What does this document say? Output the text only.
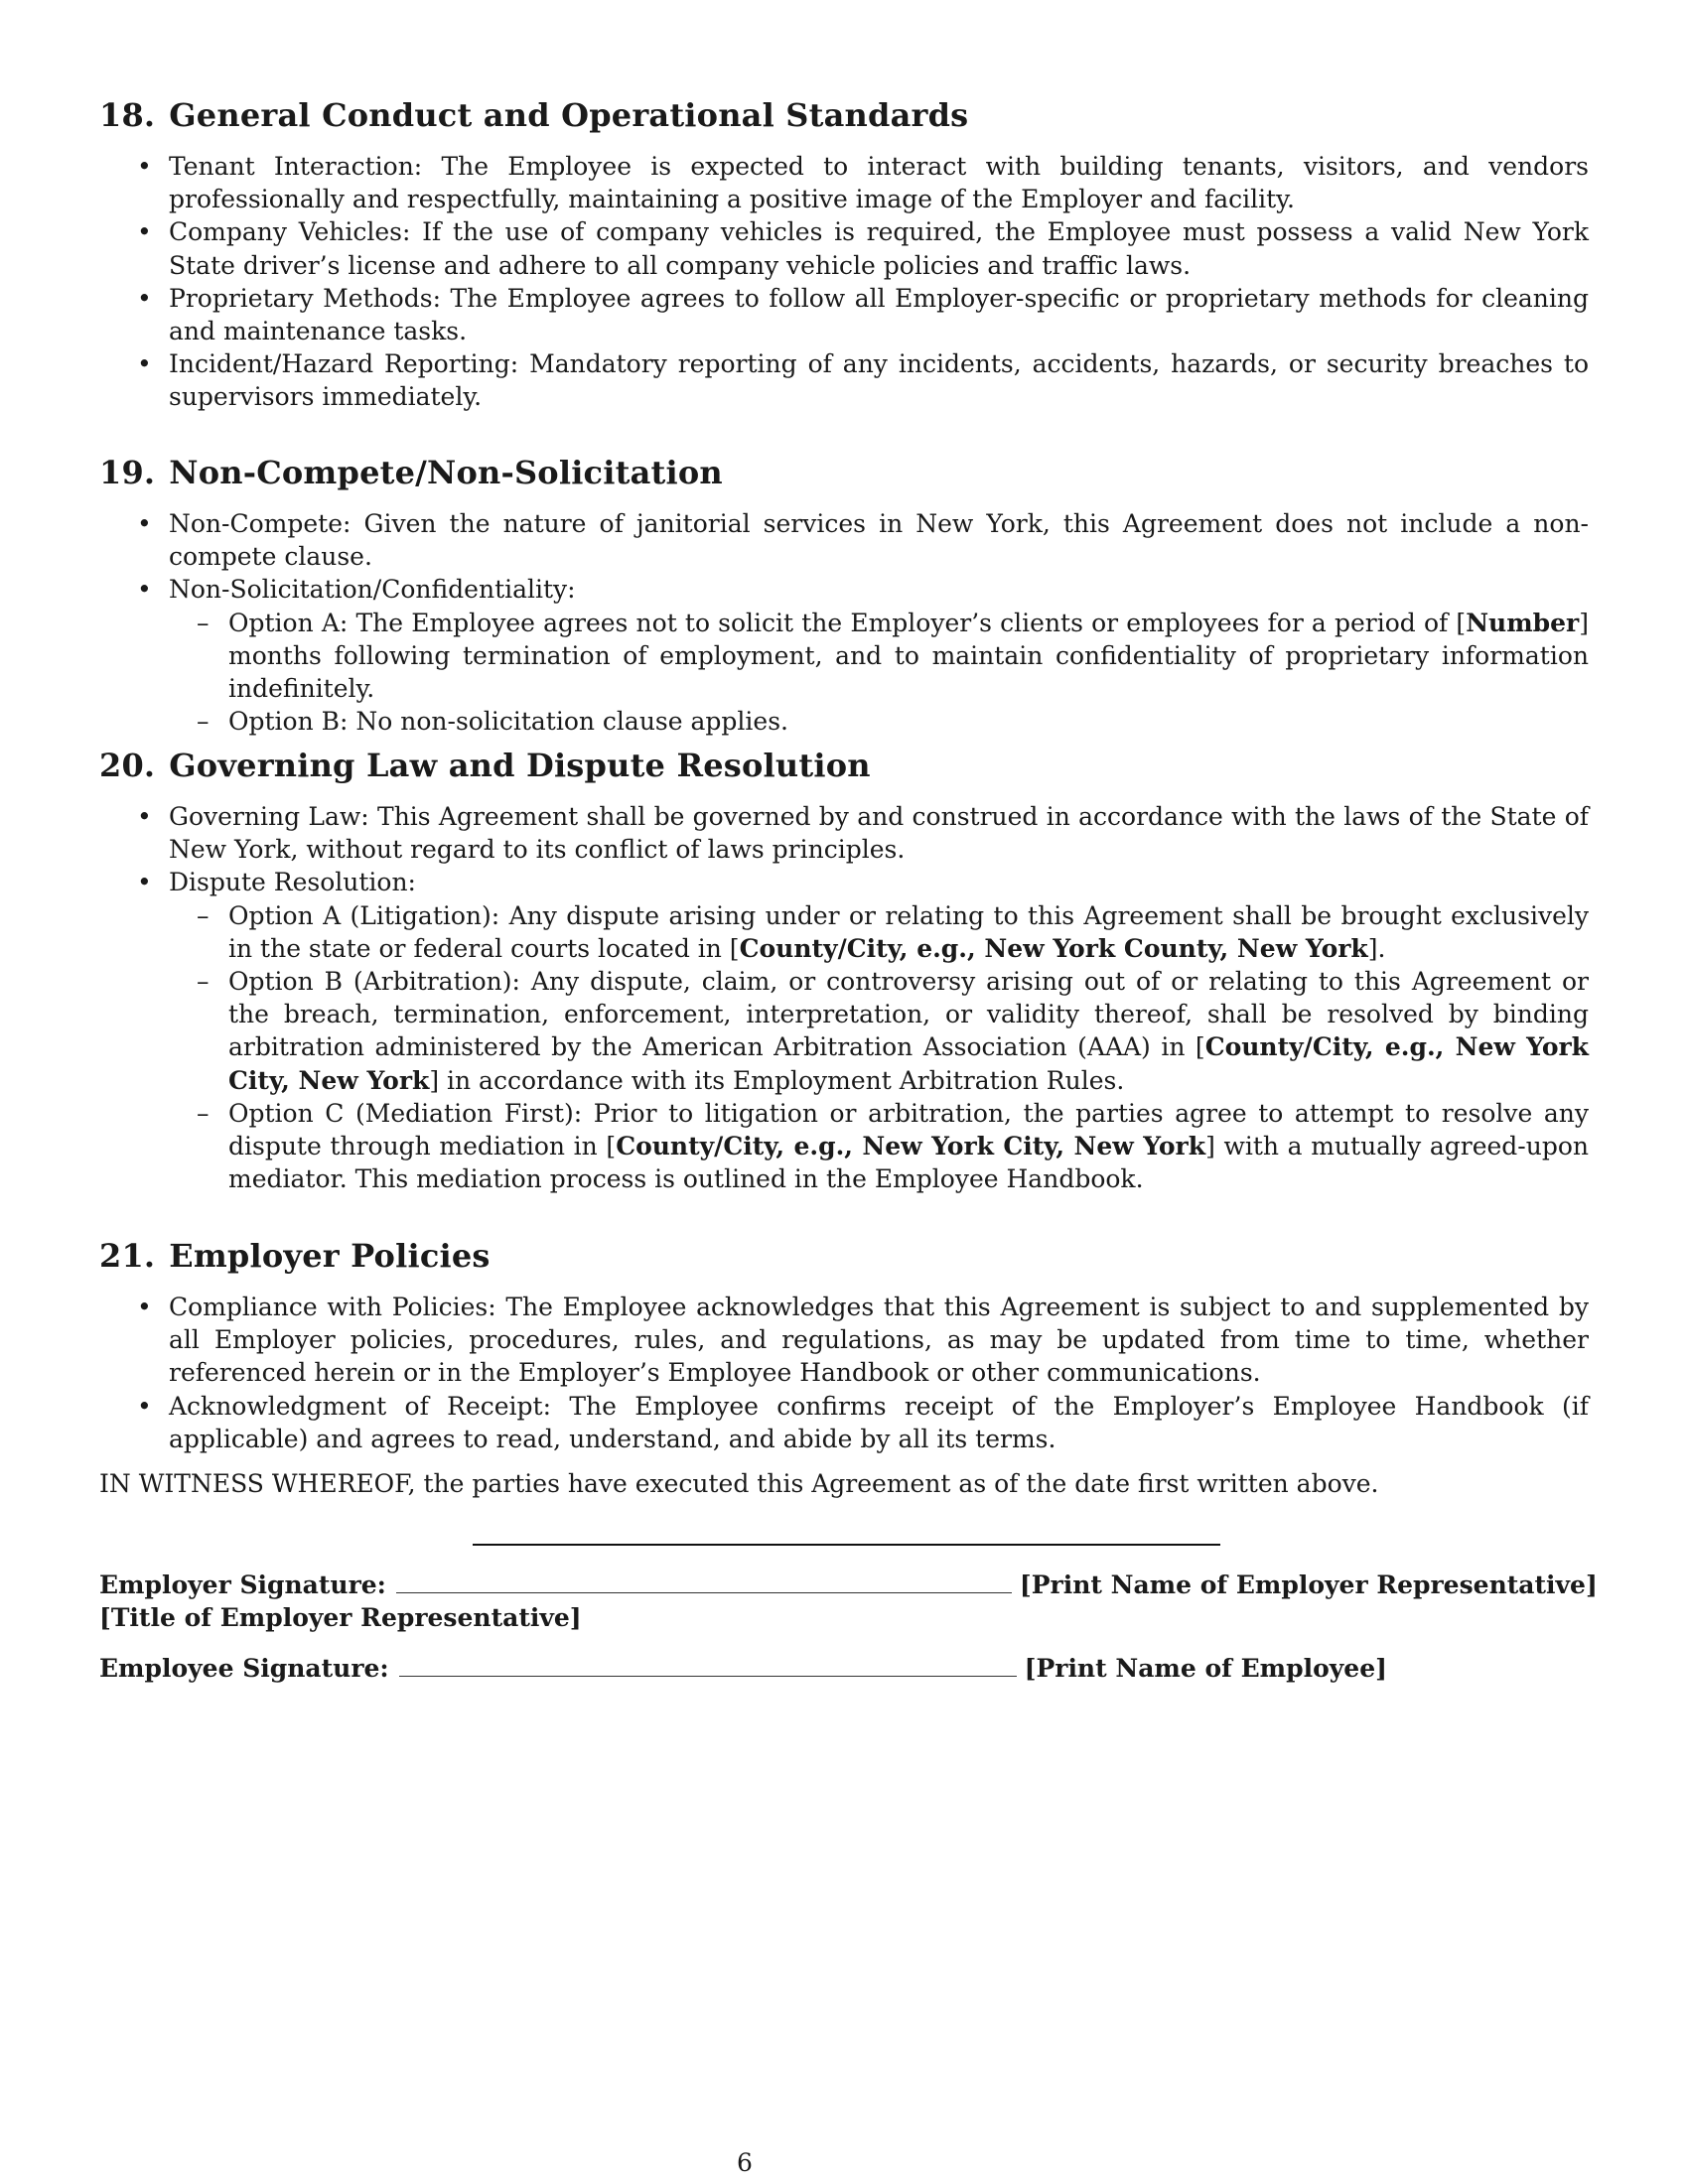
18. General Conduct and Operational Standards
• Tenant Interaction: The Employee is expected to interact with building tenants, visitors, and vendors professionally and respectfully, maintaining a positive image of the Employer and facility.
• Company Vehicles: If the use of company vehicles is required, the Employee must possess a valid New York State driver’s license and adhere to all company vehicle policies and traffic laws.
• Proprietary Methods: The Employee agrees to follow all Employer-specific or proprietary methods for cleaning and maintenance tasks.
• Incident/Hazard Reporting: Mandatory reporting of any incidents, accidents, hazards, or security breaches to supervisors immediately.
19. Non-Compete/Non-Solicitation
• Non-Compete: Given the nature of janitorial services in New York, this Agreement does not include a non-compete clause.
• Non-Solicitation/Confidentiality:
– Option A: The Employee agrees not to solicit the Employer’s clients or employees for a period of [Number] months following termination of employment, and to maintain confidentiality of proprietary information indefinitely.
– Option B: No non-solicitation clause applies.
20. Governing Law and Dispute Resolution
• Governing Law: This Agreement shall be governed by and construed in accordance with the laws of the State of New York, without regard to its conflict of laws principles.
• Dispute Resolution:
– Option A (Litigation): Any dispute arising under or relating to this Agreement shall be brought exclusively in the state or federal courts located in [County/City, e.g., New York County, New York].
– Option B (Arbitration): Any dispute, claim, or controversy arising out of or relating to this Agreement or the breach, termination, enforcement, interpretation, or validity thereof, shall be resolved by binding arbitration administered by the American Arbitration Association (AAA) in [County/City, e.g., New York City, New York] in accordance with its Employment Arbitration Rules.
– Option C (Mediation First): Prior to litigation or arbitration, the parties agree to attempt to resolve any dispute through mediation in [County/City, e.g., New York City, New York] with a mutually agreed-upon mediator. This mediation process is outlined in the Employee Handbook.
21. Employer Policies
• Compliance with Policies: The Employee acknowledges that this Agreement is subject to and supplemented by all Employer policies, procedures, rules, and regulations, as may be updated from time to time, whether referenced herein or in the Employer’s Employee Handbook or other communications.
• Acknowledgment of Receipt: The Employee confirms receipt of the Employer’s Employee Handbook (if applicable) and agrees to read, understand, and abide by all its terms.
IN WITNESS WHEREOF, the parties have executed this Agreement as of the date first written above.
Employer Signature:	[Print Name of Employer Representative]
[Title of Employer Representative]
Employee Signature:	[Print Name of Employee]
6
